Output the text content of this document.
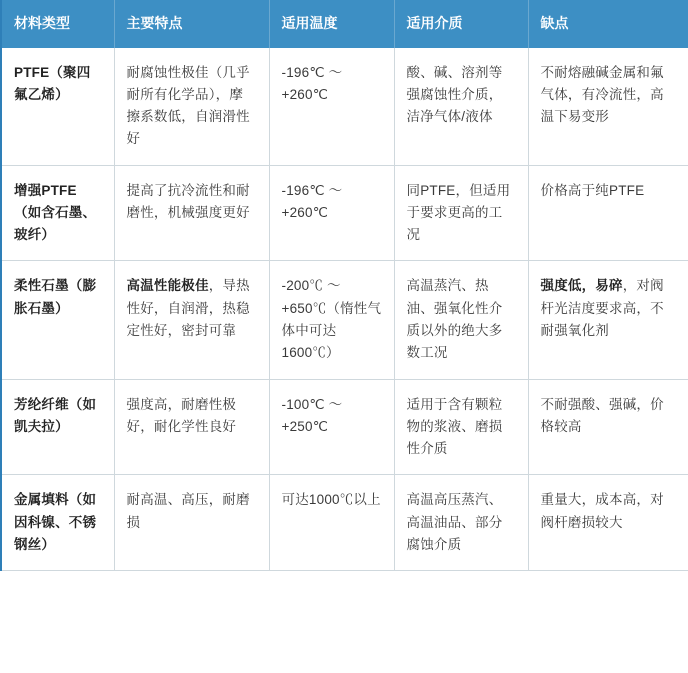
材料类型	主要特点	适用温度	适用介质	缺点
PTFE（聚四氟乙烯）	耐腐蚀性极佳（几乎耐所有化学品），摩擦系数低，自润滑性好	-196℃ ～ +260℃	酸、碱、溶剂等强腐蚀性介质，洁净气体/液体	不耐熔融碱金属和氟气体，有冷流性，高温下易变形
增强PTFE（如含石墨、玻纤）	提高了抗冷流性和耐磨性，机械强度更好	-196℃ ～ +260℃	同PTFE，但适用于要求更高的工况	价格高于纯PTFE
柔性石墨（膨胀石墨）	高温性能极佳，导热性好，自润滑，热稳定性好，密封可靠	-200℃ ～ +650℃（惰性气体中可达1600℃）	高温蒸汽、热油、强氧化性介质以外的绝大多数工况	强度低，易碎，对阀杆光洁度要求高，不耐强氧化剂
芳纶纤维（如凯夫拉）	强度高，耐磨性极好，耐化学性良好	-100℃ ～ +250℃	适用于含有颗粒物的浆液、磨损性介质	不耐强酸、强碱，价格较高
金属填料（如因科镍、不锈钢丝）	耐高温、高压，耐磨损	可达1000℃以上	高温高压蒸汽、高温油品、部分腐蚀介质	重量大，成本高，对阀杆磨损较大
